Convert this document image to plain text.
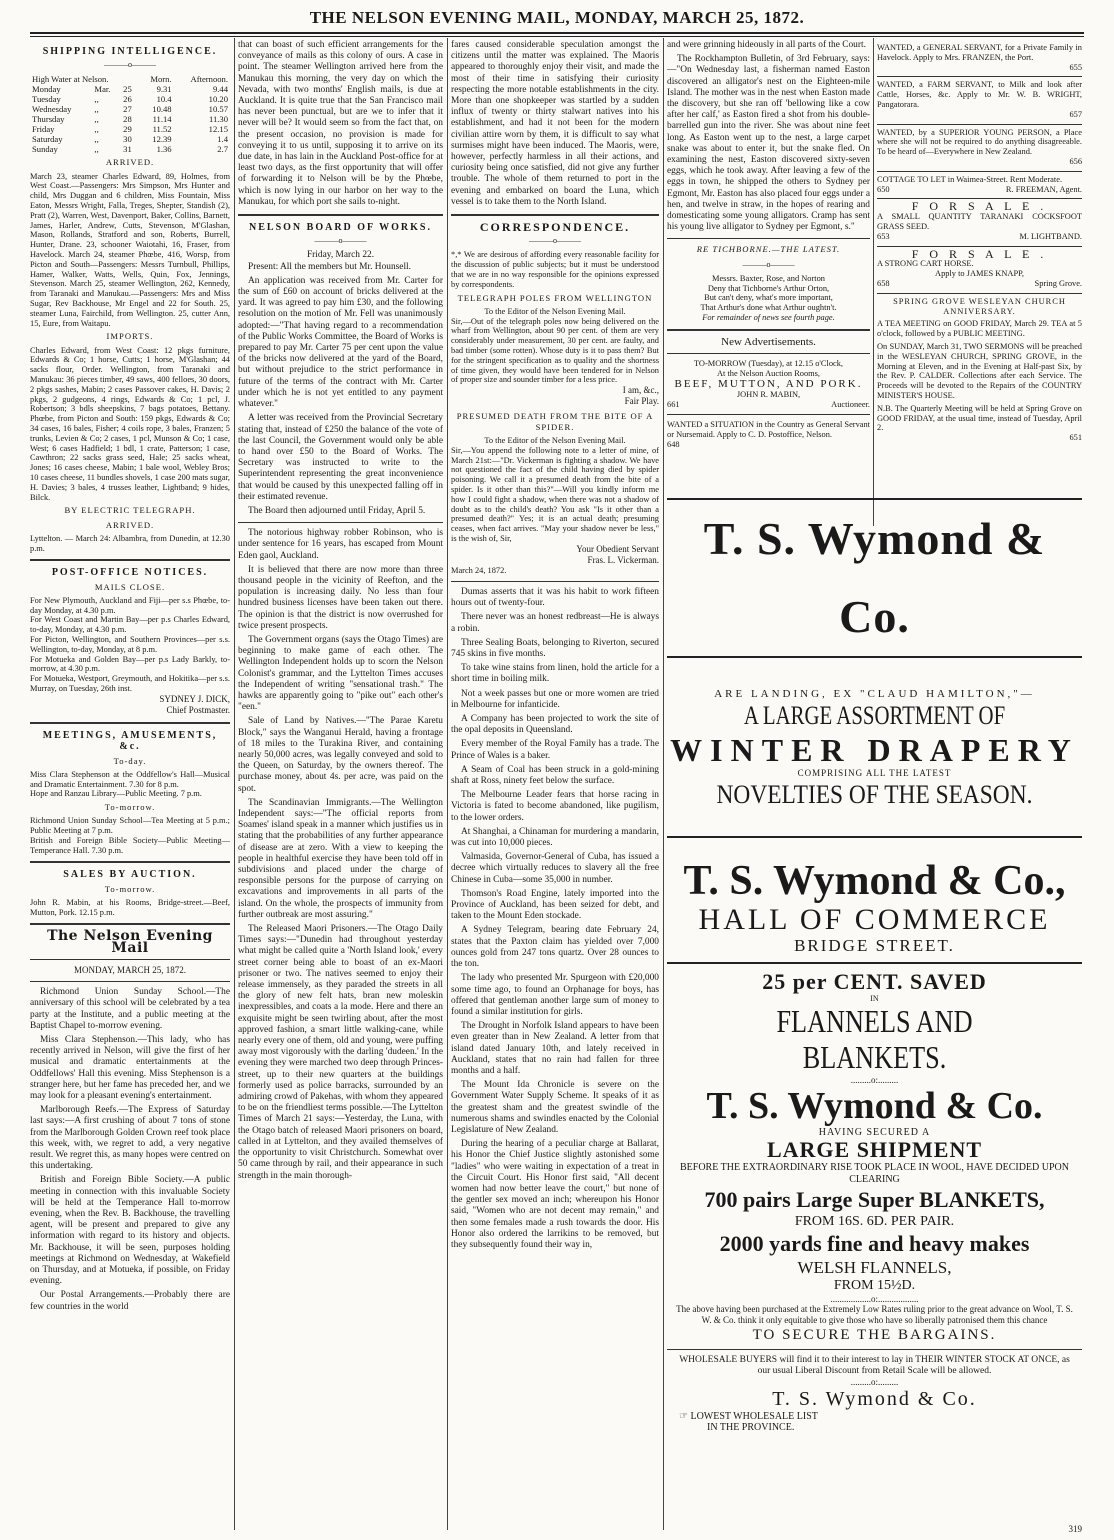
THE NELSON EVENING MAIL, MONDAY, MARCH 25, 1872.
SHIPPING INTELLIGENCE.
———o———
High Water at Nelson.			Morn.	Afternoon.
Monday	Mar.	25	9.31	9.44
Tuesday	,,	26	10.4	10.20
Wednesday	,,	27	10.48	10.57
Thursday	,,	28	11.14	11.30
Friday	,,	29	11.52	12.15
Saturday	,,	30	12.39	1.4
Sunday	,,	31	1.36	2.7
ARRIVED.
March 23, steamer Charles Edward, 89, Holmes, from West Coast.—Passengers: Mrs Simpson, Mrs Hunter and child, Mrs Duggan and 6 children, Miss Fountain, Miss Eaton, Messrs Wright, Falla, Treges, Shepter, Standish (2), Pratt (2), Warren, West, Davenport, Baker, Collins, Barnett, James, Harler, Andrew, Cutts, Stevenson, M'Glashan, Mason, Rollands, Stratford and son, Roberts, Burrell, Hunter, Drane. 23, schooner Waiotahi, 16, Fraser, from Havelock. March 24, steamer Phœbe, 416, Worsp, from Picton and South—Passengers: Messrs Turnbull, Phillips, Hamer, Walker, Watts, Wells, Quin, Fox, Jennings, Stevenson. March 25, steamer Wellington, 262, Kennedy, from Taranaki and Manukau.—Passengers: Mrs and Miss Sugar, Rev Backhouse, Mr Engel and 22 for South. 25, steamer Luna, Fairchild, from Wellington. 25, cutter Ann, 15, Eure, from Waitapu.
IMPORTS.
Charles Edward, from West Coast: 12 pkgs furniture, Edwards & Co; 1 horse, Cutts; 1 horse, M'Glashan; 44 sacks flour, Order. Wellington, from Taranaki and Manukau: 36 pieces timber, 49 saws, 400 felloes, 30 doors, 2 pkgs sashes, Mabin; 2 cases Passover cakes, H. Davis; 2 pkgs, 2 gudgeons, 4 rings, Edwards & Co; 1 pcl, J. Robertson; 3 bdls sheepskins, 7 bags potatoes, Bettany. Phœbe, from Picton and South: 159 pkgs, Edwards & Co; 34 cases, 16 bales, Fisher; 4 coils rope, 3 bales, Franzen; 5 trunks, Levien & Co; 2 cases, 1 pcl, Munson & Co; 1 case, West; 6 cases Hadfield; 1 bdl, 1 crate, Patterson; 1 case, Cawthron; 22 sacks grass seed, Hale; 25 sacks wheat, Jones; 16 cases cheese, Mabin; 1 bale wool, Webley Bros; 10 cases cheese, 11 bundles shovels, 1 case 200 mats sugar, H. Davies; 3 bales, 4 trusses leather, Lightband; 9 hides, Bilck.
BY ELECTRIC TELEGRAPH.
ARRIVED.
Lyttelton. — March 24: Albambra, from Dunedin, at 12.30 p.m.
POST-OFFICE NOTICES.
MAILS CLOSE.
For New Plymouth, Auckland and Fiji—per s.s Phœbe, to-day Monday, at 4.30 p.m.
For West Coast and Martin Bay—per p.s Charles Edward, to-day, Monday, at 4.30 p.m.
For Picton, Wellington, and Southern Provinces—per s.s. Wellington, to-day, Monday, at 8 p.m.
For Motueka and Golden Bay—per p.s Lady Barkly, to-morrow, at 4.30 p.m.
For Motueka, Westport, Greymouth, and Hokitika—per s.s. Murray, on Tuesday, 26th inst.
SYDNEY J. DICK,
Chief Postmaster.
MEETINGS, AMUSEMENTS, &c.
To-day.
Miss Clara Stephenson at the Oddfellow's Hall—Musical and Dramatic Entertainment. 7.30 for 8 p.m.
Hope and Ranzau Library—Public Meeting. 7 p.m.
To-morrow.
Richmond Union Sunday School—Tea Meeting at 5 p.m.; Public Meeting at 7 p.m.
British and Foreign Bible Society—Public Meeting—Temperance Hall. 7.30 p.m.
SALES BY AUCTION.
To-morrow.
John R. Mabin, at his Rooms, Bridge-street.—Beef, Mutton, Pork. 12.15 p.m.
The Nelson Evening Mail
MONDAY, MARCH 25, 1872.

Richmond Union Sunday School.—The anniversary of this school will be celebrated by a tea party at the Institute, and a public meeting at the Baptist Chapel to-morrow evening.

Miss Clara Stephenson.—This lady, who has recently arrived in Nelson, will give the first of her musical and dramatic entertainments at the Oddfellows' Hall this evening. Miss Stephenson is a stranger here, but her fame has preceded her, and we may look for a pleasant evening's entertainment.

Marlborough Reefs.—The Express of Saturday last says:—A first crushing of about 7 tons of stone from the Marlborough Golden Crown reef took place this week, with, we regret to add, a very negative result. We regret this, as many hopes were centred on this undertaking.

British and Foreign Bible Society.—A public meeting in connection with this invaluable Society will be held at the Temperance Hall to-morrow evening, when the Rev. B. Backhouse, the travelling agent, will be present and prepared to give any information with regard to its history and objects. Mr. Backhouse, it will be seen, purposes holding meetings at Richmond on Wednesday, at Wakefield on Thursday, and at Motueka, if possible, on Friday evening.

Our Postal Arrangements.—Probably there are few countries in the world

that can boast of such efficient arrangements for the conveyance of mails as this colony of ours. A case in point. The steamer Wellington arrived here from the Manukau this morning, the very day on which the Nevada, with two months' English mails, is due at Auckland. It is quite true that the San Francisco mail has never been punctual, but are we to infer that it never will be? It would seem so from the fact that, on the present occasion, no provision is made for conveying it to us until, supposing it to arrive on its due date, in has lain in the Auckland Post-office for at least two days, as the first opportunity that will offer of forwarding it to Nelson will be by the Phœbe, which is now lying in our harbor on her way to the Manukau, for which port she sails to-night.

NELSON BOARD OF WORKS.
———o———
Friday, March 22.

Present: All the members but Mr. Hounsell.

An application was received from Mr. Carter for the sum of £60 on account of bricks delivered at the yard. It was agreed to pay him £30, and the following resolution on the motion of Mr. Fell was unanimously adopted:—"That having regard to a recommendation of the Public Works Committee, the Board of Works is prepared to pay Mr. Carter 75 per cent upon the value of the bricks now delivered at the yard of the Board, but without prejudice to the strict performance in future of the terms of the contract with Mr. Carter under which he is not yet entitled to any payment whatever."

A letter was received from the Provincial Secretary stating that, instead of £250 the balance of the vote of the last Council, the Government would only be able to hand over £50 to the Board of Works. The Secretary was instructed to write to the Superintendent representing the great inconvenience that would be caused by this unexpected falling off in their estimated revenue.

The Board then adjourned until Friday, April 5.

The notorious highway robber Robinson, who is under sentence for 16 years, has escaped from Mount Eden gaol, Auckland.

It is believed that there are now more than three thousand people in the vicinity of Reefton, and the population is increasing daily. No less than four hundred business licenses have been taken out there. The opinion is that the district is now overrushed for twice present prospects.

The Government organs (says the Otago Times) are beginning to make game of each other. The Wellington Independent holds up to scorn the Nelson Colonist's grammar, and the Lyttelton Times accuses the Independent of writing "sensational trash." The hawks are apparently going to "pike out" each other's "een."

Sale of Land by Natives.—"The Parae Karetu Block," says the Wanganui Herald, having a frontage of 18 miles to the Turakina River, and containing nearly 50,000 acres, was legally conveyed and sold to the Queen, on Saturday, by the owners thereof. The purchase money, about 4s. per acre, was paid on the spot.

The Scandinavian Immigrants.—The Wellington Independent says:—"The official reports from Soames' island speak in a manner which justifies us in stating that the probabilities of any further appearance of disease are at zero. With a view to keeping the people in healthful exercise they have been told off in subdivisions and placed under the charge of responsible persons for the purpose of carrying on excavations and improvements in all parts of the island. On the whole, the prospects of immunity from further outbreak are most assuring."

The Released Maori Prisoners.—The Otago Daily Times says:—"Dunedin had throughout yesterday what might be called quite a 'North Island look,' every street corner being able to boast of an ex-Maori prisoner or two. The natives seemed to enjoy their release immensely, as they paraded the streets in all the glory of new felt hats, bran new moleskin inexpressibles, and coats a la mode. Here and there an exquisite might be seen twirling about, after the most approved fashion, a smart little walking-cane, while nearly every one of them, old and young, were puffing away most vigorously with the darling 'dudeen.' In the evening they were marched two deep through Princes-street, up to their new quarters at the buildings formerly used as police barracks, surrounded by an admiring crowd of Pakehas, with whom they appeared to be on the friendliest terms possible.—The Lyttelton Times of March 21 says:—Yesterday, the Luna, with the Otago batch of released Maori prisoners on board, called in at Lyttelton, and they availed themselves of the opportunity to visit Christchurch. Somewhat over 50 came through by rail, and their appearance in such strength in the main thorough-

fares caused considerable speculation amongst the citizens until the matter was explained. The Maoris appeared to thoroughly enjoy their visit, and made the most of their time in satisfying their curiosity respecting the more notable establishments in the city. More than one shopkeeper was startled by a sudden influx of twenty or thirty stalwart natives into his establishment, and had it not been for the modern civilian attire worn by them, it is difficult to say what surmises might have been induced. The Maoris, were, however, perfectly harmless in all their actions, and curiosity being once satisfied, did not give any further trouble. The whole of them returned to port in the evening and embarked on board the Luna, which vessel is to take them to the North Island.

CORRESPONDENCE.
———o———
*,* We are desirous of affording every reasonable facility for the discussion of public subjects; but it must be understood that we are in no way responsible for the opinions expressed by correspondents.
TELEGRAPH POLES FROM WELLINGTON
To the Editor of the Nelson Evening Mail.
Sir,—Out of the telegraph poles now being delivered on the wharf from Wellington, about 90 per cent. of them are very considerably under measurement, 30 per cent. are faulty, and bad timber (some rotten). Whose duty is it to pass them? But for the stringent specification as to quality and the shortness of time given, they would have been tendered for in Nelson of proper size and sounder timber for a less price.
I am, &c.,
Fair Play.
PRESUMED DEATH FROM THE BITE OF A SPIDER.
To the Editor of the Nelson Evening Mail.
Sir,—You append the following note to a letter of mine, of March 21st:—"Dr. Vickerman is fighting a shadow. We have not questioned the fact of the child having died by spider poisoning. We call it a presumed death from the bite of a spider. Is it other than this?"—Will you kindly inform me how I could fight a shadow, when there was not a shadow of doubt as to the child's death? You ask "Is it other than a presumed death?" Yes; it is an actual death; presuming ceases, when fact arrives. "May your shadow never be less," is the wish of, Sir,
Your Obedient Servant
Fras. L. Vickerman.
March 24, 1872.

Dumas asserts that it was his habit to work fifteen hours out of twenty-four.

There never was an honest redbreast—He is always a robin.

Three Sealing Boats, belonging to Riverton, secured 745 skins in five months.

To take wine stains from linen, hold the article for a short time in boiling milk.

Not a week passes but one or more women are tried in Melbourne for infanticide.

A Company has been projected to work the site of the opal deposits in Queensland.

Every member of the Royal Family has a trade. The Prince of Wales is a baker.

A Seam of Coal has been struck in a gold-mining shaft at Ross, ninety feet below the surface.

The Melbourne Leader fears that horse racing in Victoria is fated to become abandoned, like pugilism, to the lower orders.

At Shanghai, a Chinaman for murdering a mandarin, was cut into 10,000 pieces.

Valmasida, Governor-General of Cuba, has issued a decree which virtually reduces to slavery all the free Chinese in Cuba—some 35,000 in number.

Thomson's Road Engine, lately imported into the Province of Auckland, has been seized for debt, and taken to the Mount Eden stockade.

A Sydney Telegram, bearing date February 24, states that the Paxton claim has yielded over 7,000 ounces gold from 247 tons quartz. Over 28 ounces to the ton.

The lady who presented Mr. Spurgeon with £20,000 some time ago, to found an Orphanage for boys, has offered that gentleman another large sum of money to found a similar institution for girls.

The Drought in Norfolk Island appears to have been even greater than in New Zealand. A letter from that island dated January 10th, and lately received in Auckland, states that no rain had fallen for three months and a half.

The Mount Ida Chronicle is severe on the Government Water Supply Scheme. It speaks of it as the greatest sham and the greatest swindle of the numerous shams and swindles enacted by the Colonial Legislature of New Zealand.

During the hearing of a peculiar charge at Ballarat, his Honor the Chief Justice slightly astonished some "ladies" who were waiting in expectation of a treat in the Circuit Court. His Honor first said, "All decent women had now better leave the court," but none of the gentler sex moved an inch; whereupon his Honor said, "Women who are not decent may remain," and then some females made a rush towards the door. His Honor also ordered the larrikins to be removed, but they subsequently found their way in,

and were grinning hideously in all parts of the Court.

The Rockhampton Bulletin, of 3rd February, says:—"On Wednesday last, a fisherman named Easton discovered an alligator's nest on the Eighteen-mile Island. The mother was in the nest when Easton made the discovery, but she ran off 'bellowing like a cow after her calf,' as Easton fired a shot from his double-barrelled gun into the river. She was about nine feet long. As Easton went up to the nest, a large carpet snake was about to enter it, but the snake fled. On examining the nest, Easton discovered sixty-seven eggs, which he took away. After leaving a few of the eggs in town, he shipped the others to Sydney per Egmont, Mr. Easton has also placed four eggs under a hen, and twelve in straw, in the hopes of rearing and domesticating some young alligators. Cramp has sent his young live alligator to Sydney per Egmont, s."

RE TICHBORNE.—THE LATEST.
———o———
Messrs. Baxter, Rose, and Norton
Deny that Tichborne's Arthur Orton,
But can't deny, what's more important,
That Arthur's done what Arthur oughtn't.
For remainder of news see fourth page.
New Advertisements.
TO-MORROW (Tuesday), at 12.15 o'Clock,
At the Nelson Auction Rooms,
BEEF, MUTTON, AND PORK.
JOHN R. MABIN,
661	Auctioneer.
WANTED a SITUATION in the Country as General Servant or Nursemaid. Apply to C. D. Postoffice, Nelson.
648
WANTED, a GENERAL SERVANT, for a Private Family in Havelock. Apply to Mrs. FRANZEN, the Port.
655
WANTED, a FARM SERVANT, to Milk and look after Cattle, Horses, &c. Apply to Mr. W. B. WRIGHT, Pangatorara.
657
WANTED, by a SUPERIOR YOUNG PERSON, a Place where she will not be required to do anything disagreeable. To be heard of—Everywhere in New Zealand.
656
COTTAGE TO LET in Waimea-Street. Rent Moderate.
650	R. FREEMAN, Agent.
F O R S A L E .
A SMALL QUANTITY TARANAKI COCKSFOOT GRASS SEED.
653	M. LIGHTBAND.
F O R S A L E .
A STRONG CART HORSE.
Apply to JAMES KNAPP,
658	Spring Grove.
SPRING GROVE WESLEYAN CHURCH ANNIVERSARY.
A TEA MEETING on GOOD FRIDAY, March 29. TEA at 5 o'clock, followed by a PUBLIC MEETING.
On SUNDAY, March 31, TWO SERMONS will be preached in the WESLEYAN CHURCH, SPRING GROVE, in the Morning at Eleven, and in the Evening at Half-past Six, by the Rev. P. CALDER. Collections after each Service. The Proceeds will be devoted to the Repairs of the COUNTRY MINISTER'S HOUSE.
N.B. The Quarterly Meeting will be held at Spring Grove on GOOD FRIDAY, at the usual time, instead of Tuesday, April 2.
651
T. S. Wymond & Co.
ARE LANDING, EX "CLAUD HAMILTON,"—
A LARGE ASSORTMENT OF
WINTER DRAPERY
COMPRISING ALL THE LATEST
NOVELTIES OF THE SEASON.
T. S. Wymond & Co.,
HALL OF COMMERCE
BRIDGE STREET.
25 per CENT. SAVED
IN
FLANNELS AND BLANKETS.
.........o:.........
T. S. Wymond & Co.
HAVING SECURED A
LARGE SHIPMENT
BEFORE THE EXTRAORDINARY RISE TOOK PLACE IN WOOL, HAVE DECIDED UPON CLEARING
700 pairs Large Super BLANKETS,
FROM 16S. 6D. PER PAIR.
2000 yards fine and heavy makes
WELSH FLANNELS,
FROM 15½D.
..................o:..................
The above having been purchased at the Extremely Low Rates ruling prior to the great advance on Wool, T. S. W. & Co. think it only equitable to give those who have so liberally patronised them this chance
TO SECURE THE BARGAINS.
WHOLESALE BUYERS will find it to their interest to lay in THEIR WINTER STOCK AT ONCE, as our usual Liberal Discount from Retail Scale will be allowed.
.........o:.........
T. S. Wymond & Co.
☞ LOWEST WHOLESALE LIST
IN THE PROVINCE.
319
